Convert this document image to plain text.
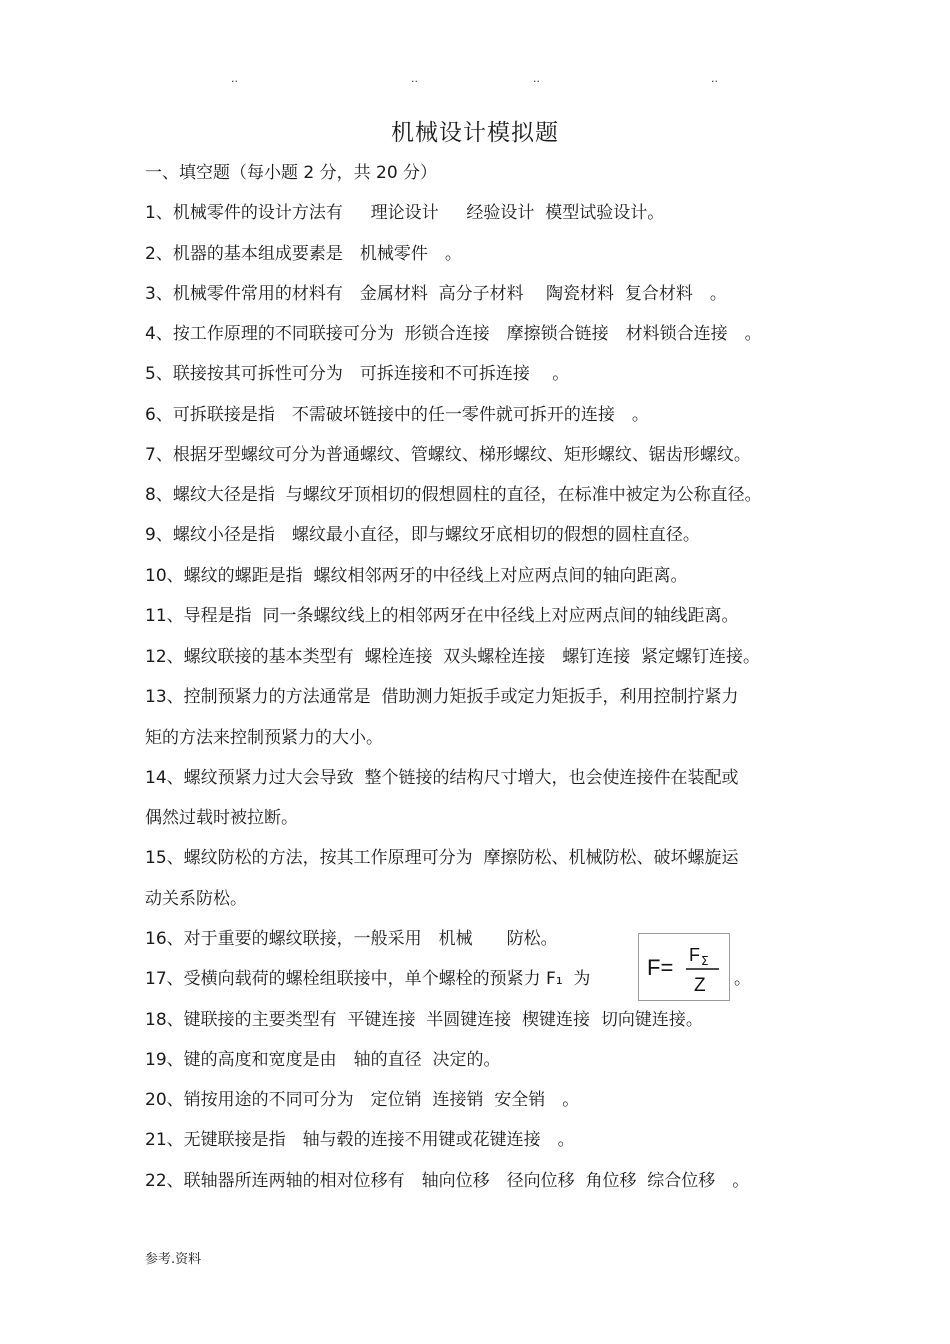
..	..	..	..
机械设计模拟题
一、填空题（每小题 2 分，共 20 分）
1、机械零件的设计方法有　  理论设计　  经验设计  模型试验设计。
2、机器的基本组成要素是　机械零件　。
3、机械零件常用的材料有　金属材料  高分子材料　 陶瓷材料  复合材料　。
4、按工作原理的不同联接可分为  形锁合连接　摩擦锁合链接　材料锁合连接　。
5、联接按其可拆性可分为　可拆连接和不可拆连接　 。
6、可拆联接是指　不需破坏链接中的任一零件就可拆开的连接　。
7、根据牙型螺纹可分为普通螺纹、管螺纹、梯形螺纹、矩形螺纹、锯齿形螺纹。
8、螺纹大径是指  与螺纹牙顶相切的假想圆柱的直径，在标准中被定为公称直径。
9、螺纹小径是指　螺纹最小直径，即与螺纹牙底相切的假想的圆柱直径。
10、螺纹的螺距是指  螺纹相邻两牙的中径线上对应两点间的轴向距离。
11、导程是指  同一条螺纹线上的相邻两牙在中径线上对应两点间的轴线距离。
12、螺纹联接的基本类型有  螺栓连接  双头螺栓连接　螺钉连接  紧定螺钉连接。
13、控制预紧力的方法通常是  借助测力矩扳手或定力矩扳手，利用控制拧紧力
矩的方法来控制预紧力的大小。
14、螺纹预紧力过大会导致  整个链接的结构尺寸增大，也会使连接件在装配或
偶然过载时被拉断。
15、螺纹防松的方法，按其工作原理可分为  摩擦防松、机械防松、破坏螺旋运
动关系防松。
16、对于重要的螺纹联接，一般采用　机械　　防松。
17、受横向载荷的螺栓组联接中，单个螺栓的预紧力 F₁  为	F= F Σ
Z 。
18、键联接的主要类型有  平键连接  半圆键连接  楔键连接  切向键连接。
19、键的高度和宽度是由　轴的直径  决定的。
20、销按用途的不同可分为　定位销  连接销  安全销　。
21、无键联接是指　轴与毂的连接不用键或花键连接　。
22、联轴器所连两轴的相对位移有　轴向位移　径向位移  角位移  综合位移　。
参考.资料
